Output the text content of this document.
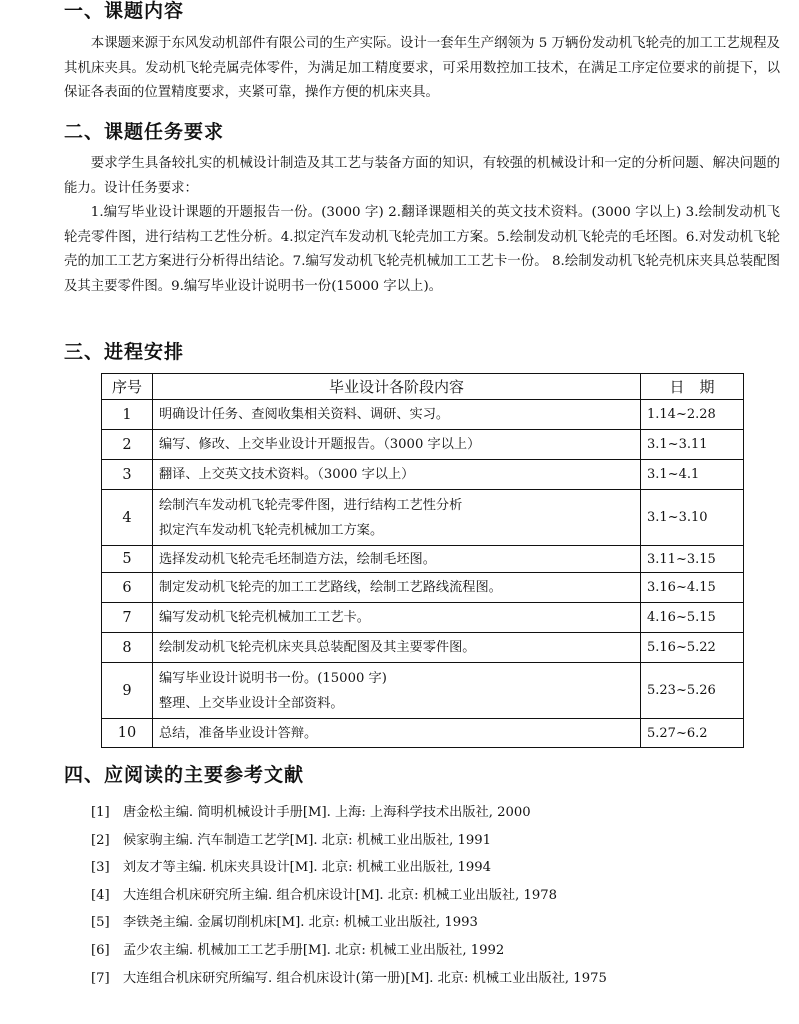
一、课题内容

本课题来源于东风发动机部件有限公司的生产实际。设计一套年生产纲领为 5 万辆份发动机飞轮壳的加工工艺规程及其机床夹具。发动机飞轮壳属壳体零件，为满足加工精度要求，可采用数控加工技术，在满足工序定位要求的前提下，以保证各表面的位置精度要求，夹紧可靠，操作方便的机床夹具。

二、课题任务要求

要求学生具备较扎实的机械设计制造及其工艺与装备方面的知识，有较强的机械设计和一定的分析问题、解决问题的能力。设计任务要求：

1.编写毕业设计课题的开题报告一份。(3000 字) 2.翻译课题相关的英文技术资料。(3000 字以上) 3.绘制发动机飞轮壳零件图，进行结构工艺性分析。4.拟定汽车发动机飞轮壳加工方案。5.绘制发动机飞轮壳的毛坯图。6.对发动机飞轮壳的加工工艺方案进行分析得出结论。7.编写发动机飞轮壳机械加工工艺卡一份。 8.绘制发动机飞轮壳机床夹具总装配图及其主要零件图。9.编写毕业设计说明书一份(15000 字以上)。

三、进程安排
序号	毕业设计各阶段内容	日　期
1	明确设计任务、查阅收集相关资料、调研、实习。	1.14~2.28
2	编写、修改、上交毕业设计开题报告。（3000 字以上）	3.1~3.11
3	翻译、上交英文技术资料。（3000 字以上）	3.1~4.1
4	绘制汽车发动机飞轮壳零件图，进行结构工艺性分析
拟定汽车发动机飞轮壳机械加工方案。	3.1~3.10
5	选择发动机飞轮壳毛坯制造方法，绘制毛坯图。	3.11~3.15
6	制定发动机飞轮壳的加工工艺路线，绘制工艺路线流程图。	3.16~4.15
7	编写发动机飞轮壳机械加工工艺卡。	4.16~5.15
8	绘制发动机飞轮壳机床夹具总装配图及其主要零件图。	5.16~5.22
9	编写毕业设计说明书一份。(15000 字)
整理、上交毕业设计全部资料。	5.23~5.26
10	总结，准备毕业设计答辩。	5.27~6.2
四、应阅读的主要参考文献
[1] 唐金松主编. 简明机械设计手册[M]. 上海: 上海科学技术出版社, 2000
[2] 候家驹主编. 汽车制造工艺学[M]. 北京: 机械工业出版社, 1991
[3] 刘友才等主编. 机床夹具设计[M]. 北京: 机械工业出版社, 1994
[4] 大连组合机床研究所主编. 组合机床设计[M]. 北京: 机械工业出版社, 1978
[5] 李铁尧主编. 金属切削机床[M]. 北京: 机械工业出版社, 1993
[6] 孟少农主编. 机械加工工艺手册[M]. 北京: 机械工业出版社, 1992
[7] 大连组合机床研究所编写. 组合机床设计(第一册)[M]. 北京: 机械工业出版社, 1975
